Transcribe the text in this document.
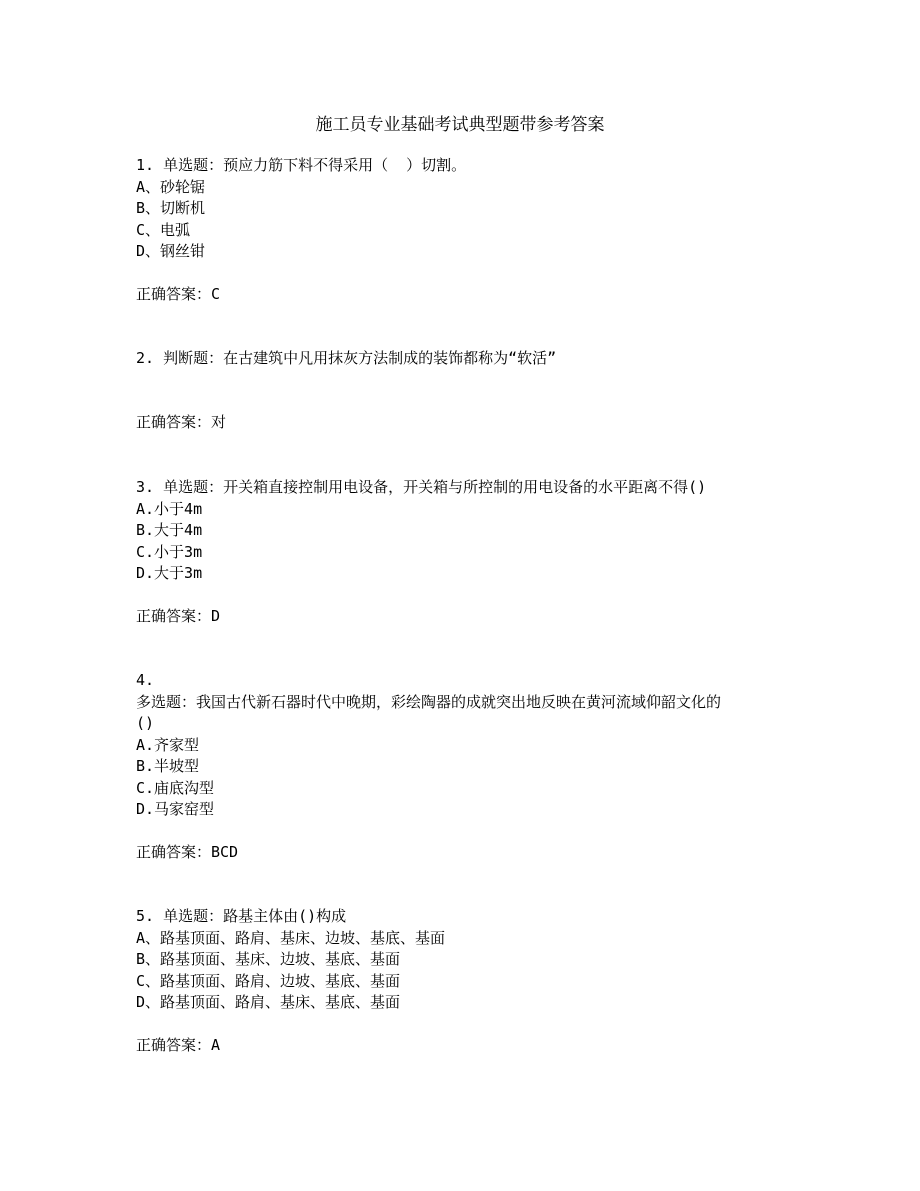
施工员专业基础考试典型题带参考答案
1. 单选题：预应力筋下料不得采用（  ）切割。
A、砂轮锯
B、切断机
C、电弧
D、钢丝钳
正确答案：C
2. 判断题：在古建筑中凡用抹灰方法制成的装饰都称为“软活”
正确答案：对
3. 单选题：开关箱直接控制用电设备，开关箱与所控制的用电设备的水平距离不得()
A.小于4m
B.大于4m
C.小于3m
D.大于3m
正确答案：D
4.
多选题：我国古代新石器时代中晚期，彩绘陶器的成就突出地反映在黄河流域仰韶文化的
()
A.齐家型
B.半坡型
C.庙底沟型
D.马家窑型
正确答案：BCD
5. 单选题：路基主体由()构成
A、路基顶面、路肩、基床、边坡、基底、基面
B、路基顶面、基床、边坡、基底、基面
C、路基顶面、路肩、边坡、基底、基面
D、路基顶面、路肩、基床、基底、基面
正确答案：A
